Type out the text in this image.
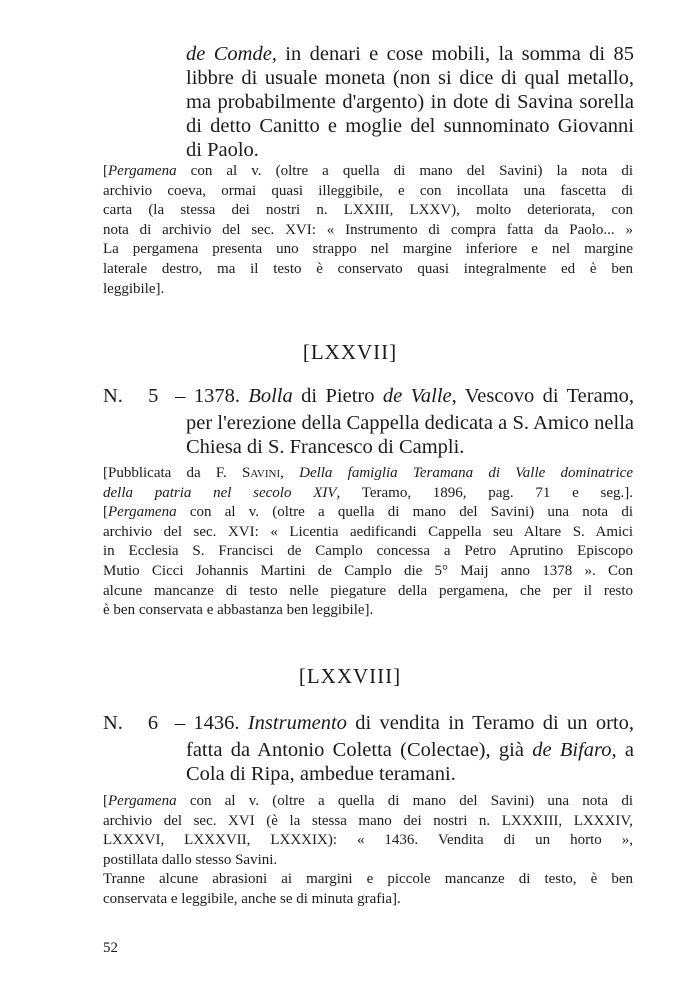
de Comde, in denari e cose mobili, la somma di 85
libbre di usuale moneta (non si dice di qual metallo,
ma probabilmente d'argento) in dote di Savina sorella
di detto Canitto e moglie del sunnominato Giovanni
di Paolo.
[Pergamena con al v. (oltre a quella di mano del Savini) la nota di
archivio coeva, ormai quasi illeggibile, e con incollata una fascetta di
carta (la stessa dei nostri n. LXXIII, LXXV), molto deteriorata, con
nota di archivio del sec. XVI: « Instrumento di compra fatta da Paolo... »
La pergamena presenta uno strappo nel margine inferiore e nel margine
laterale destro, ma il testo è conservato quasi integralmente ed è ben
leggibile].
[LXXVII]
N.   5  – 1378. Bolla di Pietro de Valle, Vescovo di Teramo,
per l'erezione della Cappella dedicata a S. Amico nella
Chiesa di S. Francesco di Campli.
[Pubblicata da F. Savini, Della famiglia Teramana di Valle dominatrice
della patria nel secolo XIV, Teramo, 1896, pag. 71 e seg.].
[Pergamena con al v. (oltre a quella di mano del Savini) una nota di
archivio del sec. XVI: « Licentia aedificandi Cappella seu Altare S. Amici
in Ecclesia S. Francisci de Camplo concessa a Petro Aprutino Episcopo
Mutio Cicci Johannis Martini de Camplo die 5° Maij anno 1378 ». Con
alcune mancanze di testo nelle piegature della pergamena, che per il resto
è ben conservata e abbastanza ben leggibile].
[LXXVIII]
N.   6  – 1436. Instrumento di vendita in Teramo di un orto,
fatta da Antonio Coletta (Colectae), già de Bifaro, a
Cola di Ripa, ambedue teramani.
[Pergamena con al v. (oltre a quella di mano del Savini) una nota di
archivio del sec. XVI (è la stessa mano dei nostri n. LXXXIII, LXXXIV,
LXXXVI, LXXXVII, LXXXIX): « 1436. Vendita di un horto »,
postillata dallo stesso Savini.
Tranne alcune abrasioni ai margini e piccole mancanze di testo, è ben
conservata e leggibile, anche se di minuta grafia].
52
